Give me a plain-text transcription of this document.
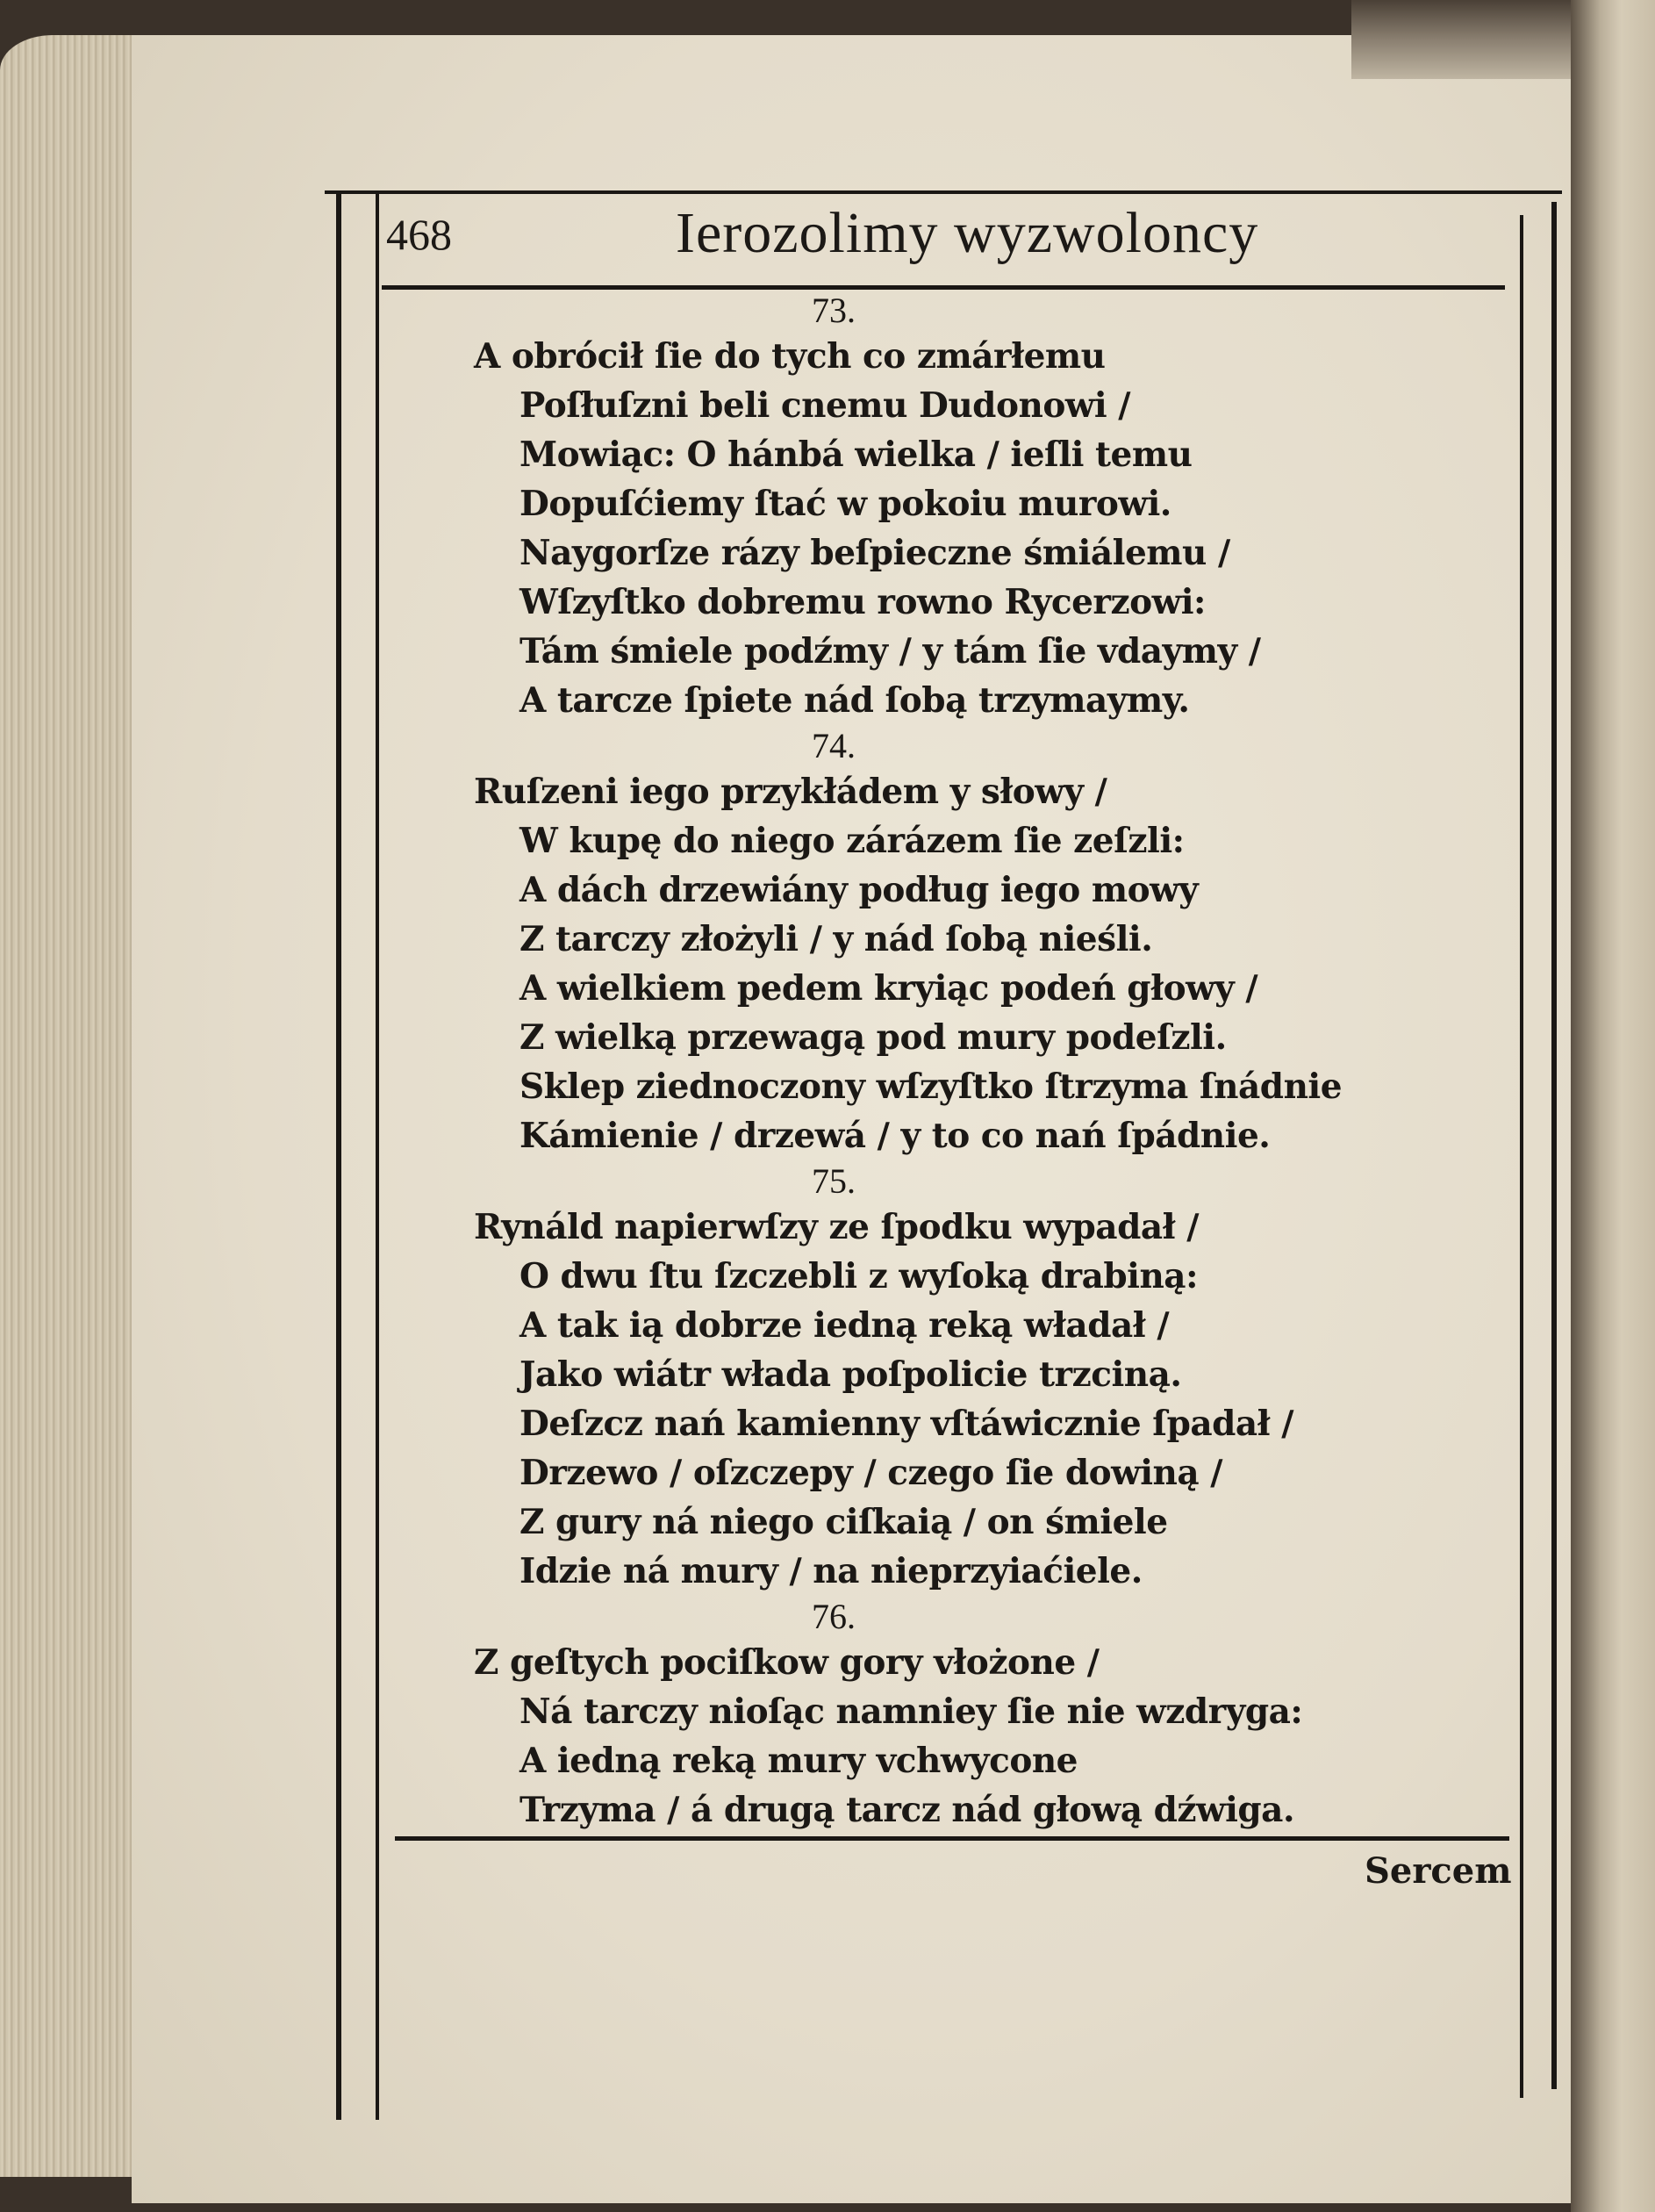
468	Ierozolimy wyzwolоncy
73.
A obrócił ſie do tych co zmárłemu
Poſłuſzni beli cnemu Dudonowi /
Mowiąc: O hánbá wielka / ieſli temu
Dopuſćiemy ſtać w pokoiu murowi.
Naygorſze rázy beſpieczne śmiálemu /
Wſzyſtko dobremu rowno Rycerzowi:
Tám śmiele podźmy / y tám ſie vdaymy /
A tarcze ſpiete nád ſobą trzymaymy.
74.
Ruſzeni iego przykłádem y słowy /
W kupę do niego zárázem ſie zeſzli:
A dách drzewiány podług iego mowy
Z tarczy złożyli / y nád ſobą nieśli.
A wielkiem pedem kryiąc podeń głowy /
Z wielką przewagą pod mury podeſzli.
Sklep ziednoczony wſzyſtko ſtrzyma ſnádnie
Kámienie / drzewá / y to co nań ſpádnie.
75.
Rynáld napierwſzy ze ſpodku wypadał /
O dwu ſtu ſzczebli z wyſoką drabiną:
A tak ią dobrze iedną reką władał /
Jako wiátr włada poſpolicie trzciną.
Deſzcz nań kamienny vſtáwicznie ſpadał /
Drzewo / oſzczepy / czego ſie dowiną /
Z gury ná niego ciſkaią / on śmiele
Idzie ná mury / na nieprzyiaćiele.
76.
Z geſtych pociſkow gory vłożone /
Ná tarczy nioſąc namniey ſie nie wzdryga:
A iedną reką mury vchwycone
Trzyma / á drugą tarcz nád głową dźwiga.
Sercem
